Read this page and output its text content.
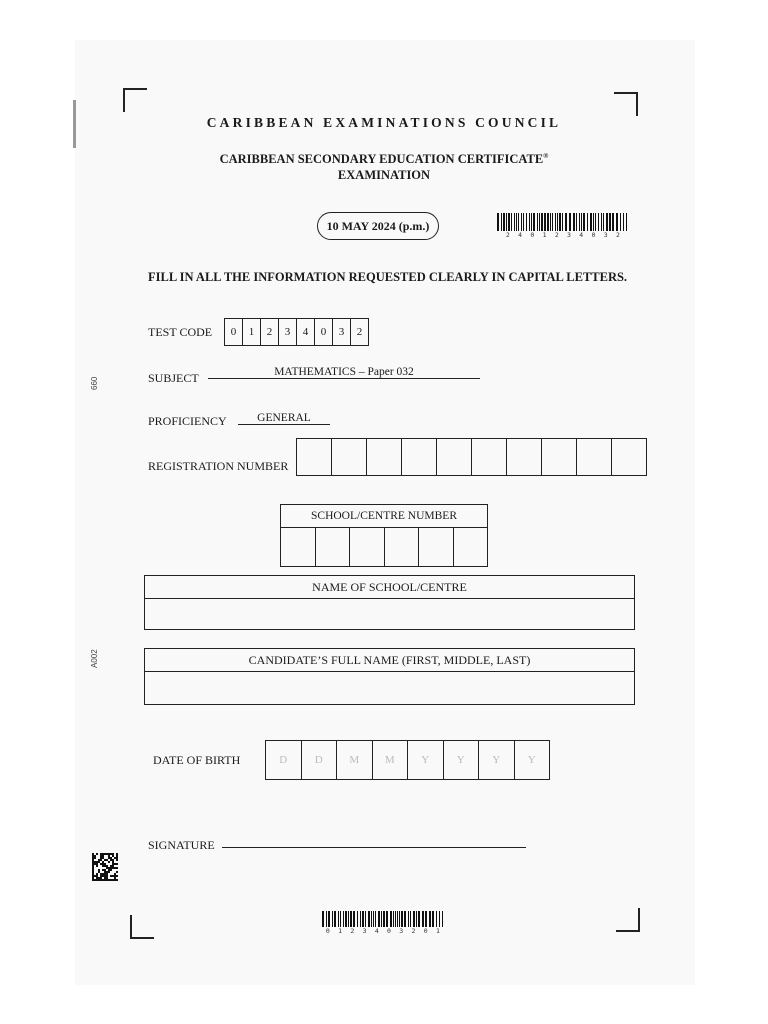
CARIBBEAN EXAMINATIONS COUNCIL
CARIBBEAN SECONDARY EDUCATION CERTIFICATE®
EXAMINATION
10 MAY 2024 (p.m.)
2 4 0 1 2 3 4 0 3 2
FILL IN ALL THE INFORMATION REQUESTED CLEARLY IN CAPITAL LETTERS.
TEST CODE	0	1	2	3	4	0	3	2
SUBJECT	MATHEMATICS – Paper 032
PROFICIENCY	GENERAL
REGISTRATION NUMBER
SCHOOL/CENTRE NUMBER
NAME OF SCHOOL/CENTRE
CANDIDATE’S FULL NAME (FIRST, MIDDLE, LAST)
DATE OF BIRTH	D	D	M	M	Y	Y	Y	Y
SIGNATURE
660
A002
0 1 2 3 4 0 3 2 0 1
